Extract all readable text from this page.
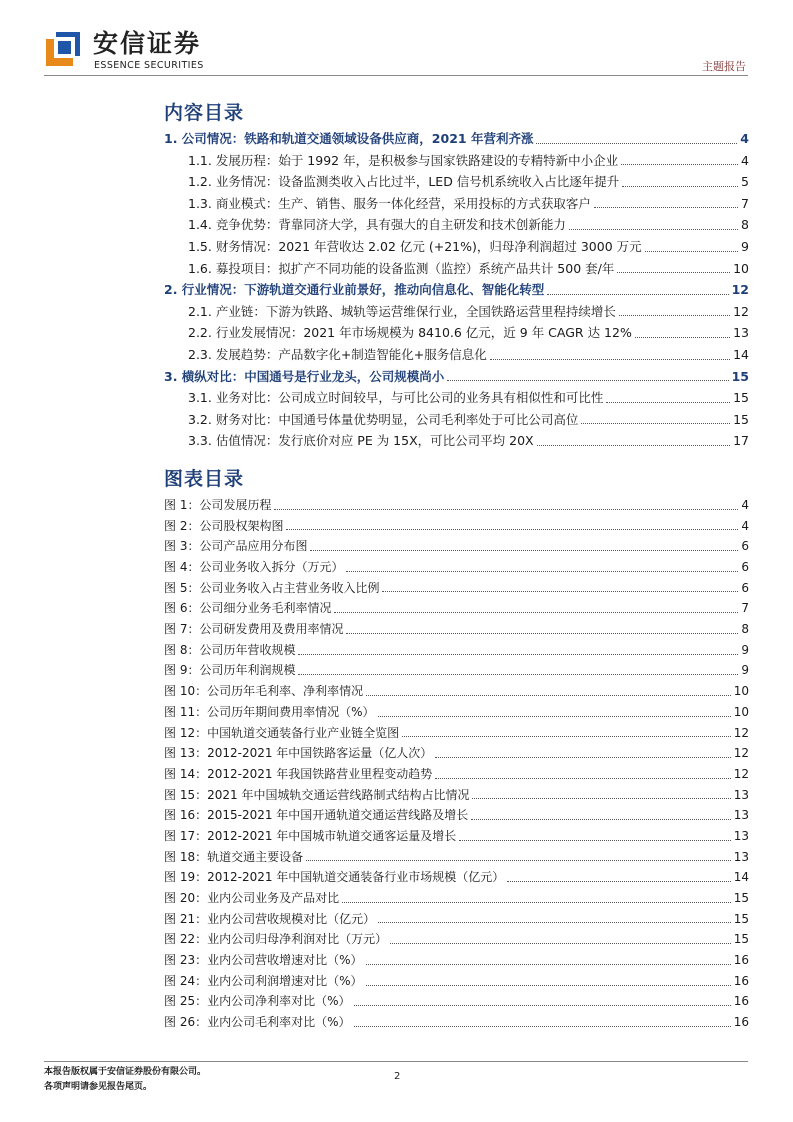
安信证券
ESSENCE SECURITIES	主题报告
内容目录
1. 公司情况：铁路和轨道交通领域设备供应商，2021 年营利齐涨	4
1.1. 发展历程：始于 1992 年，是积极参与国家铁路建设的专精特新中小企业	4
1.2. 业务情况：设备监测类收入占比过半，LED 信号机系统收入占比逐年提升	5
1.3. 商业模式：生产、销售、服务一体化经营，采用投标的方式获取客户	7
1.4. 竞争优势：背靠同济大学，具有强大的自主研发和技术创新能力	8
1.5. 财务情况：2021 年营收达 2.02 亿元 (+21%)，归母净利润超过 3000 万元	9
1.6. 募投项目：拟扩产不同功能的设备监测（监控）系统产品共计 500 套/年	10
2. 行业情况：下游轨道交通行业前景好，推动向信息化、智能化转型	12
2.1. 产业链：下游为铁路、城轨等运营维保行业，全国铁路运营里程持续增长	12
2.2. 行业发展情况：2021 年市场规模为 8410.6 亿元，近 9 年 CAGR 达 12%	13
2.3. 发展趋势：产品数字化+制造智能化+服务信息化	14
3. 横纵对比：中国通号是行业龙头，公司规模尚小	15
3.1. 业务对比：公司成立时间较早，与可比公司的业务具有相似性和可比性	15
3.2. 财务对比：中国通号体量优势明显，公司毛利率处于可比公司高位	15
3.3. 估值情况：发行底价对应 PE 为 15X，可比公司平均 20X	17
图表目录
图 1：公司发展历程	4
图 2：公司股权架构图	4
图 3：公司产品应用分布图	6
图 4：公司业务收入拆分（万元）	6
图 5：公司业务收入占主营业务收入比例	6
图 6：公司细分业务毛利率情况	7
图 7：公司研发费用及费用率情况	8
图 8：公司历年营收规模	9
图 9：公司历年利润规模	9
图 10：公司历年毛利率、净利率情况	10
图 11：公司历年期间费用率情况（%）	10
图 12：中国轨道交通装备行业产业链全览图	12
图 13：2012-2021 年中国铁路客运量（亿人次）	12
图 14：2012-2021 年我国铁路营业里程变动趋势	12
图 15：2021 年中国城轨交通运营线路制式结构占比情况	13
图 16：2015-2021 年中国开通轨道交通运营线路及增长	13
图 17：2012-2021 年中国城市轨道交通客运量及增长	13
图 18：轨道交通主要设备	13
图 19：2012-2021 年中国轨道交通装备行业市场规模（亿元）	14
图 20：业内公司业务及产品对比	15
图 21：业内公司营收规模对比（亿元）	15
图 22：业内公司归母净利润对比（万元）	15
图 23：业内公司营收增速对比（%）	16
图 24：业内公司利润增速对比（%）	16
图 25：业内公司净利率对比（%）	16
图 26：业内公司毛利率对比（%）	16
本报告版权属于安信证券股份有限公司。
各项声明请参见报告尾页。
2
